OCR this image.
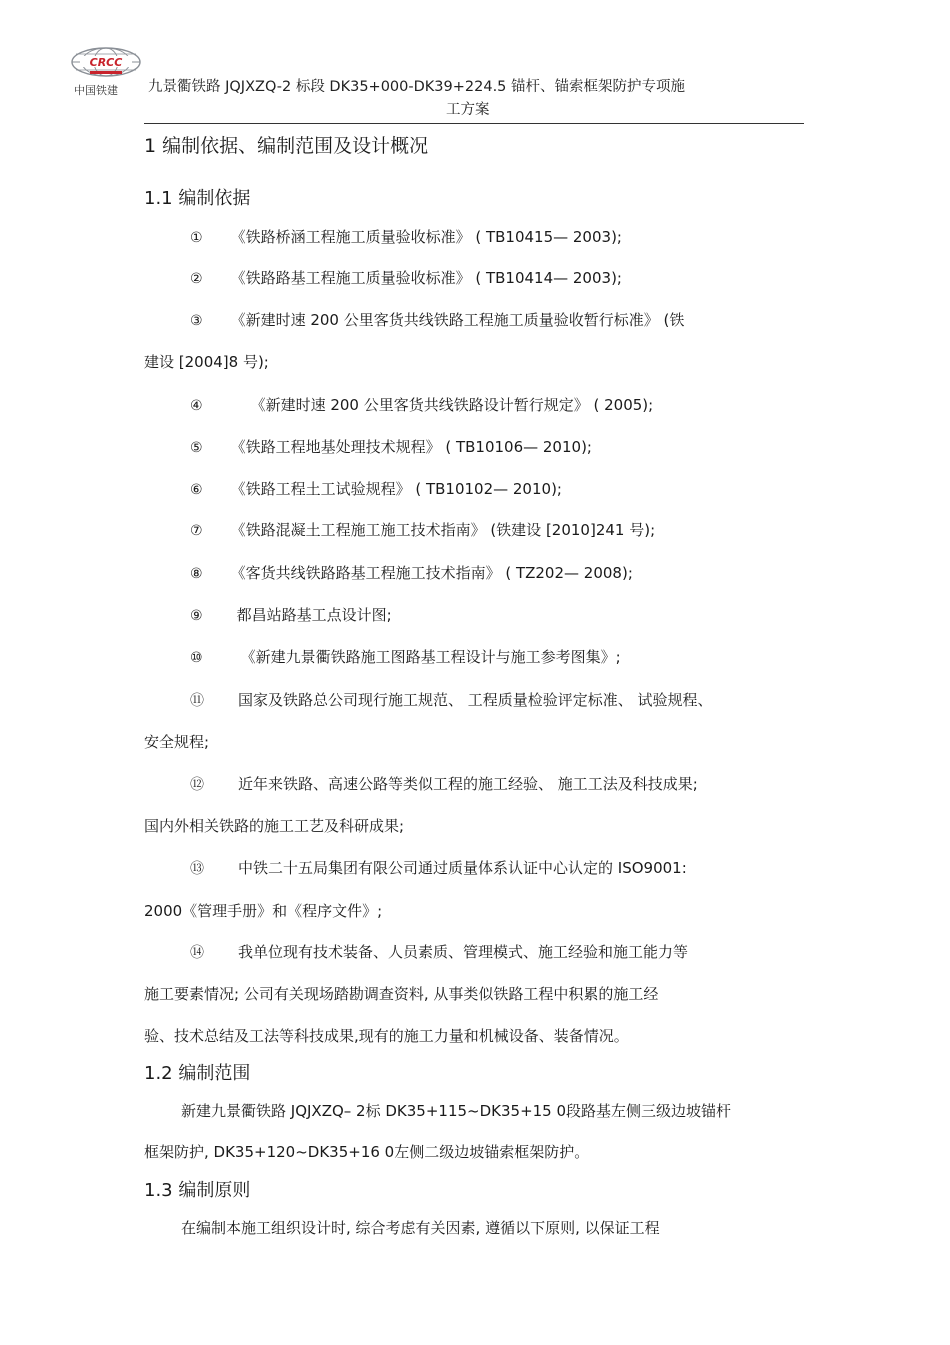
CRCC
中国铁建 九景衢铁路 JQJXZQ-2 标段 DK35+000-DK39+224.5 锚杆、锚索框架防护专项施
工方案
1 编制依据、编制范围及设计概况
1.1 编制依据
① 《铁路桥涵工程施工质量验收标准》 ( TB10415— 2003);
② 《铁路路基工程施工质量验收标准》 ( TB10414— 2003);
③ 《新建时速 200 公里客货共线铁路工程施工质量验收暂行标准》 (铁
建设 [2004]8 号);
④	《新建时速 200 公里客货共线铁路设计暂行规定》 ( 2005);
⑤ 《铁路工程地基处理技术规程》 ( TB10106— 2010);
⑥ 《铁路工程土工试验规程》 ( TB10102— 2010);
⑦ 《铁路混凝土工程施工施工技术指南》 (铁建设 [2010]241 号);
⑧ 《客货共线铁路路基工程施工技术指南》 ( TZ202— 2008);
⑨ 都昌站路基工点设计图;
⑩	《新建九景衢铁路施工图路基工程设计与施工参考图集》;
⑪ 国家及铁路总公司现行施工规范、 工程质量检验评定标准、 试验规程、
安全规程;
⑫ 近年来铁路、高速公路等类似工程的施工经验、 施工工法及科技成果;
国内外相关铁路的施工工艺及科研成果;
⑬ 中铁二十五局集团有限公司通过质量体系认证中心认定的 ISO9001:
2000《管理手册》和《程序文件》;
⑭ 我单位现有技术装备、人员素质、管理模式、施工经验和施工能力等
施工要素情况; 公司有关现场踏勘调查资料, 从事类似铁路工程中积累的施工经
验、技术总结及工法等科技成果,现有的施工力量和机械设备、装备情况。
1.2 编制范围
新建九景衢铁路 JQJXZQ– 2标 DK35+115~DK35+15 0段路基左侧三级边坡锚杆
框架防护, DK35+120~DK35+16 0左侧二级边坡锚索框架防护。
1.3 编制原则
在编制本施工组织设计时, 综合考虑有关因素, 遵循以下原则, 以保证工程
